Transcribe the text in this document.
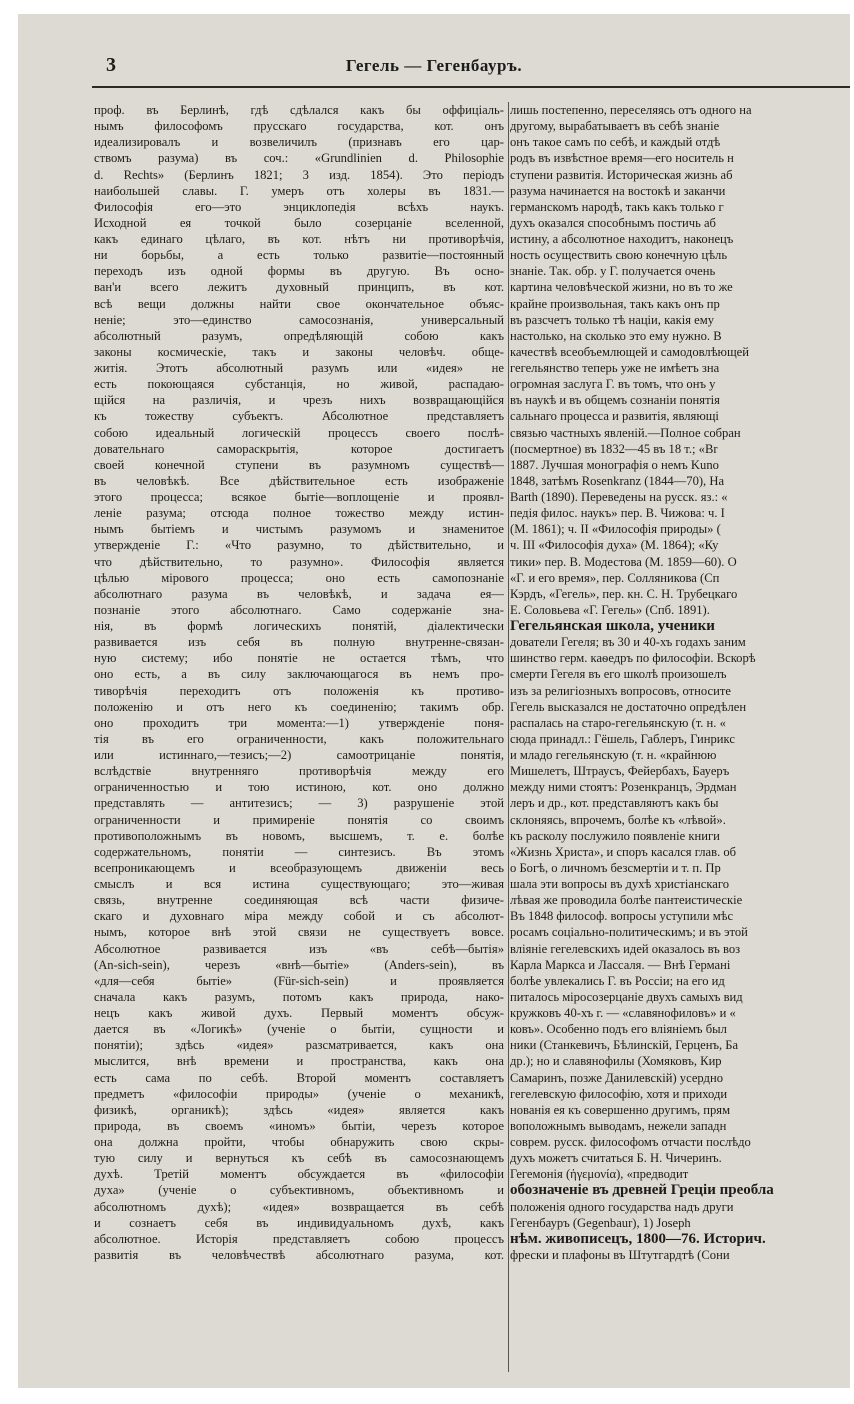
3	Гегель — Гегенбауръ.
проф. въ Берлинѣ, гдѣ сдѣлался какъ бы оффиціаль-
нымъ философомъ прусскаго государства, кот. онъ
идеализировалъ и возвеличилъ (признавъ его цар-
ствомъ разума) въ соч.: «Grundlinien d. Philosophie
d. Rechts» (Берлинъ 1821; 3 изд. 1854). Это періодъ
наибольшей славы. Г. умеръ отъ холеры въ 1831.—
Философія его—это энциклопедія всѣхъ наукъ.
Исходной ея точкой было созерцаніе вселенной,
какъ единаго цѣлаго, въ кот. нѣтъ ни противорѣчія,
ни борьбы, а есть только развитіе—постоянный
переходъ изъ одной формы въ другую. Въ осно-
ван'и всего лежитъ духовный принципъ, въ кот.
всѣ вещи должны найти свое окончательное объяс-
неніе; это—единство самосознанія, универсальный
абсолютный разумъ, опредѣляющій собою какъ
законы космическіе, такъ и законы человѣч. обще-
житія. Этотъ абсолютный разумъ или «идея» не
есть покоющаяся субстанція, но живой, распадаю-
щійся на различія, и чрезъ нихъ возвращающійся
къ тожеству субъектъ. Абсолютное представляетъ
собою идеальный логическій процессъ своего послѣ-
довательнаго самораскрытія, которое достигаетъ
своей конечной ступени въ разумномъ существѣ—
въ человѣкѣ. Все дѣйствительное есть изображеніе
этого процесса; всякое бытіе—воплощеніе и проявл-
леніе разума; отсюда полное тожество между истин-
нымъ бытіемъ и чистымъ разумомъ и знаменитое
утвержденіе Г.: «Что разумно, то дѣйствительно, и
что дѣйствительно, то разумно». Философія является
цѣлью мірового процесса; оно есть самопознаніе
абсолютнаго разума въ человѣкѣ, и задача ея—
познаніе этого абсолютнаго. Само содержаніе зна-
нія, въ формѣ логическихъ понятій, діалектически
развивается изъ себя въ полную внутренне-связан-
ную систему; ибо понятіе не остается тѣмъ, что
оно есть, а въ силу заключающагося въ немъ про-
тиворѣчія переходитъ отъ положенія къ противо-
положенію и отъ него къ соединенію; такимъ обр.
оно проходитъ три момента:—1) утвержденіе поня-
тія въ его ограниченности, какъ положительнаго
или истиннаго,—тезисъ;—2) самоотрицаніе понятія,
вслѣдствіе внутренняго противорѣчія между его
ограниченностью и тою истиною, кот. оно должно
представлять — антитезисъ; — 3) разрушеніе этой
ограниченности и примиреніе понятія со своимъ
противоположнымъ въ новомъ, высшемъ, т. е. болѣе
содержательномъ, понятіи — синтезисъ. Въ этомъ
всепроникающемъ и всеобразующемъ движеніи весь
смыслъ и вся истина существующаго; это—живая
связь, внутренне соединяющая всѣ части физиче-
скаго и духовнаго міра между собой и съ абсолют-
нымъ, которое внѣ этой связи не существуетъ вовсе.
Абсолютное развивается изъ «въ себѣ—бытія»
(An-sich-sein), черезъ «внѣ—бытіе» (Anders-sein), въ
«для—себя бытіе» (Für-sich-sein) и проявляется
сначала какъ разумъ, потомъ какъ природа, нако-
нецъ какъ живой духъ. Первый моментъ обсуж-
дается въ «Логикѣ» (ученіе о бытіи, сущности и
понятіи); здѣсь «идея» разсматривается, какъ она
мыслится, внѣ времени и пространства, какъ она
есть сама по себѣ. Второй моментъ составляетъ
предметъ «философіи природы» (ученіе о механикѣ,
физикѣ, органикѣ); здѣсь «идея» является какъ
природа, въ своемъ «иномъ» бытіи, черезъ которое
она должна пройти, чтобы обнаружить свою скры-
тую силу и вернуться къ себѣ въ самосознающемъ
духѣ. Третій моментъ обсуждается въ «философіи
духа» (ученіе о субъективномъ, объективномъ и
абсолютномъ духѣ); «идея» возвращается въ себѣ
и сознаетъ себя въ индивидуальномъ духѣ, какъ
абсолютное. Исторія представляетъ собою процессъ
развитія въ человѣчествѣ абсолютнаго разума, кот.
лишь постепенно, переселяясь отъ одного на
другому, вырабатываетъ въ себѣ знаніе
онъ такое самъ по себѣ, и каждый отдѣ
родъ въ извѣстное время—его носитель н
ступени развитія. Историческая жизнь аб
разума начинается на востокѣ и заканчи
германскомъ народѣ, такъ какъ только г
духъ оказался способнымъ постичь аб
истину, а абсолютное находитъ, наконецъ
ность осуществить свою конечную цѣль
знаніе. Так. обр. у Г. получается очень
картина человѣческой жизни, но въ то же
крайне произвольная, такъ какъ онъ пр
въ разсчетъ только тѣ націи, какія ему
настолько, на сколько это ему нужно. В
качествѣ всеобъемлющей и самодовлѣющей
гегельянство теперь уже не имѣетъ зна
огромная заслуга Г. въ томъ, что онъ у
въ наукѣ и въ общемъ сознаніи понятія
сальнаго процесса и развитія, являющі
связью частныхъ явленій.—Полное собран
(посмертное) въ 1832—45 въ 18 т.; «Br
1887. Лучшая монографія о немъ Kuno
1848, затѣмъ Rosenkranz (1844—70), Ha
Barth (1890). Переведены на русск. яз.: «
педія филос. наукъ» пер. В. Чижова: ч. I
(М. 1861); ч. II «Философія природы» (
ч. III «Философія духа» (М. 1864); «Ку
тики» пер. В. Модестова (М. 1859—60). О
«Г. и его время», пер. Солляникова (Сп
Кэрдъ, «Гегель», пер. кн. С. Н. Трубецкаго
Е. Соловьева «Г. Гегель» (Спб. 1891).
Гегельянская школа, ученики
дователи Гегеля; въ 30 и 40-хъ годахъ заним
шинство герм. каѳедръ по философіи. Вскорѣ
смерти Гегеля въ его школѣ произошелъ
изъ за религіозныхъ вопросовъ, относите
Гегель высказался не достаточно опредѣлен
распалась на старо-гегельянскую (т. н. «
сюда принадл.: Гёшель, Габлеръ, Гинрикс
и младо гегельянскую (т. н. «крайнюю
Мишелетъ, Штраусъ, Фейербахъ, Бауеръ
между ними стоятъ: Розенкранцъ, Эрдман
леръ и др., кот. представляютъ какъ бы
склоняясь, впрочемъ, болѣе къ «лѣвой».
къ расколу послужило появленіе книги
«Жизнь Христа», и споръ касался глав. об
о Богѣ, о личномъ безсмертіи и т. п. Пр
шала эти вопросы въ духѣ христіанскаго
лѣвая же проводила болѣе пантеистическіе
Въ 1848 философ. вопросы уступили мѣс
росамъ соціально-политическимъ; и въ этой
вліяніе гегелевскихъ идей оказалось въ воз
Карла Маркса и Лассаля. — Внѣ Германі
болѣе увлекались Г. въ Россіи; на его ид
питалось міросозерцаніе двухъ самыхъ вид
кружковъ 40-хъ г. — «славянофиловъ» и «
ковъ». Особенно подъ его вліяніемъ был
ники (Станкевичъ, Бѣлинскій, Герценъ, Ба
др.); но и славянофилы (Хомяковъ, Кир
Самаринъ, позже Данилевскій) усердно
гегелевскую философію, хотя и приходи
нованія ея къ совершенно другимъ, прям
воположнымъ выводамъ, нежели западн
соврем. русск. философомъ отчасти послѣдо
духъ можетъ считаться Б. Н. Чичеринъ.
Гегемонія (ἡγεμονία), «предводит
обозначеніе въ древней Греціи преобла
положенія одного государства надъ други
Гегенбауръ (Gegenbaur), 1) Joseph
нѣм. живописецъ, 1800—76. Историч.
фрески и плафоны въ Штутгардтѣ (Сони
